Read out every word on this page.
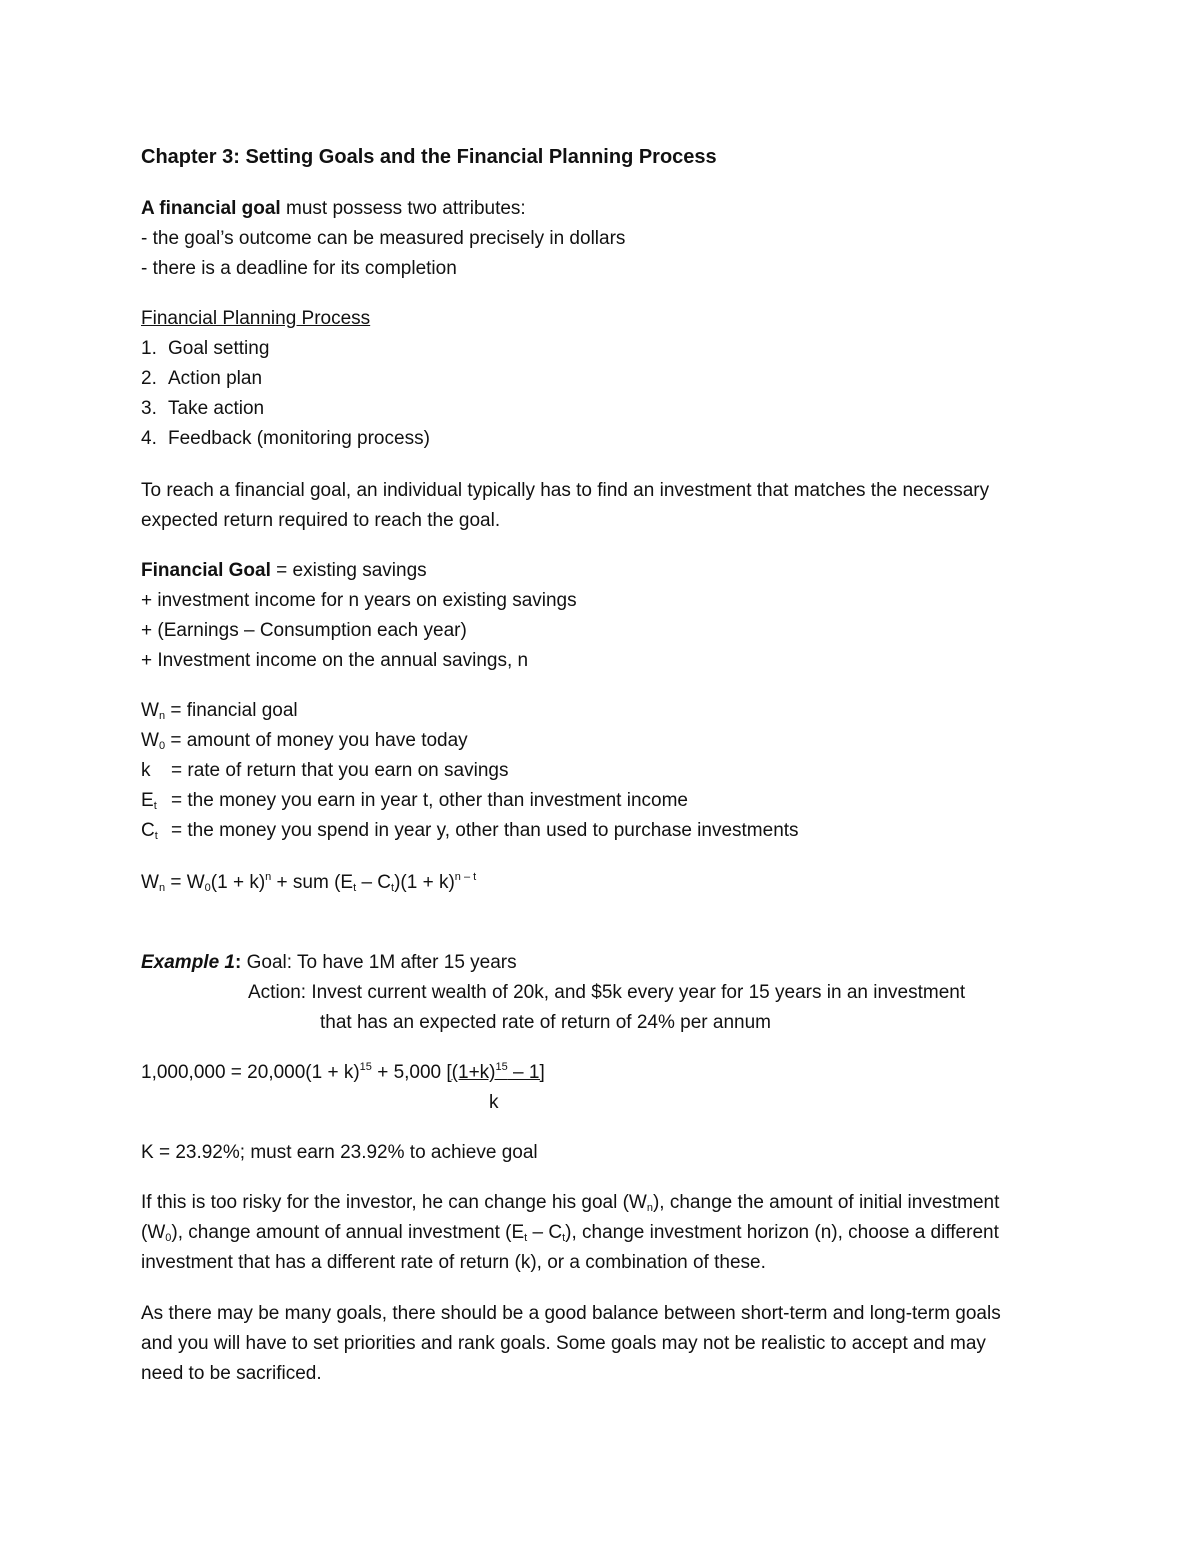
Chapter 3: Setting Goals and the Financial Planning Process
A financial goal must possess two attributes:
- the goal’s outcome can be measured precisely in dollars
- there is a deadline for its completion
Financial Planning Process
1. Goal setting
2. Action plan
3. Take action
4. Feedback (monitoring process)
To reach a financial goal, an individual typically has to find an investment that matches the necessary
expected return required to reach the goal.
Financial Goal = existing savings
+ investment income for n years on existing savings
+ (Earnings – Consumption each year)
+ Investment income on the annual savings, n
$W_n$ = financial goal
$W_0$ = amount of money you have today
k = rate of return that you earn on savings
$E_t$ = the money you earn in year t, other than investment income
$C_t$ = the money you spend in year y, other than used to purchase investments
$W_n = W_0(1 + k)^n$ + sum $(E_t - C_t)(1 + k)^{n - t}$
Example 1: Goal: To have 1M after 15 years
Action: Invest current wealth of 20k, and $5k every year for 15 years in an investment
that has an expected rate of return of 24% per annum
$1,000,000 = 20,000(1 + k)^{15} + 5,000$ $[(1+k)^{15} - 1]$
k
K = 23.92%; must earn 23.92% to achieve goal
If this is too risky for the investor, he can change his goal $(W_n)$, change the amount of initial investment
$(W_0)$, change amount of annual investment $(E_t - C_t)$, change investment horizon (n), choose a different
investment that has a different rate of return (k), or a combination of these.
As there may be many goals, there should be a good balance between short-term and long-term goals
and you will have to set priorities and rank goals. Some goals may not be realistic to accept and may
need to be sacrificed.
